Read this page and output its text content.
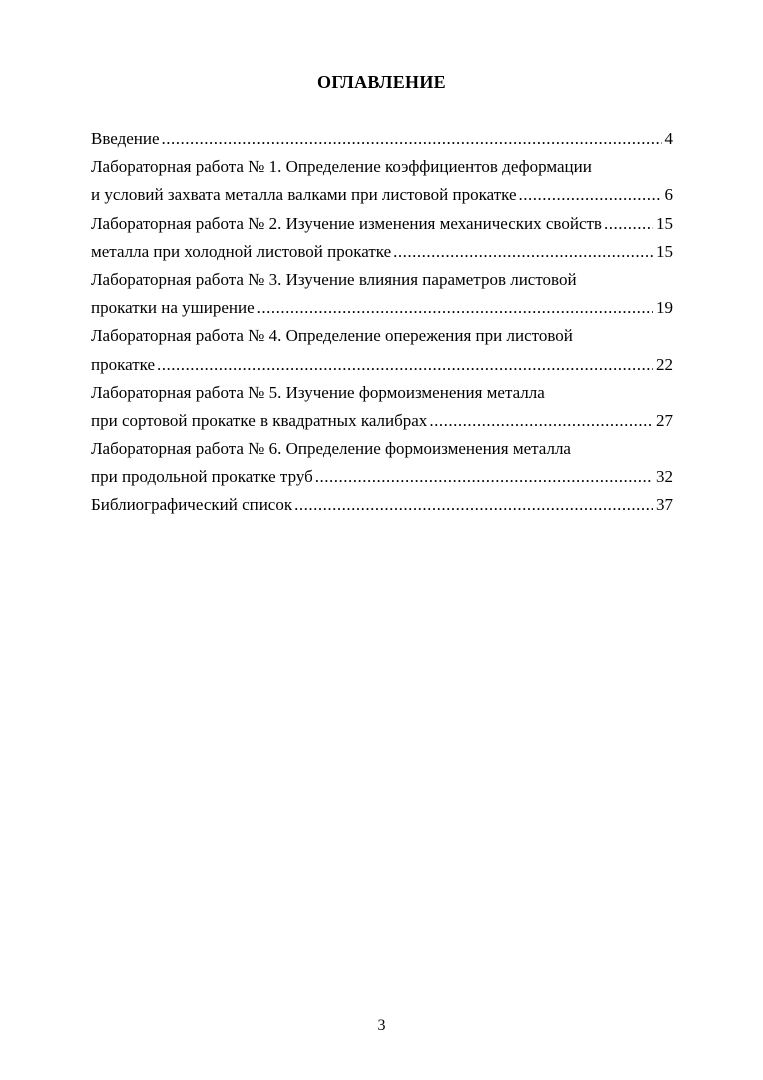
ОГЛАВЛЕНИЕ
Введение .....	4
Лабораторная работа № 1. Определение коэффициентов деформации
и условий захвата металла валками при листовой прокатке .....	6
Лабораторная работа № 2. Изучение изменения механических свойств .....	15
металла при холодной листовой прокатке .....	15
Лабораторная работа № 3. Изучение влияния параметров листовой
прокатки на уширение .....	19
Лабораторная работа № 4. Определение опережения при листовой
прокатке .....	22
Лабораторная работа № 5. Изучение формоизменения металла
при сортовой прокатке в квадратных калибрах .....	27
Лабораторная работа № 6. Определение формоизменения металла
при продольной прокатке труб .....	32
Библиографический список .....	37
3
